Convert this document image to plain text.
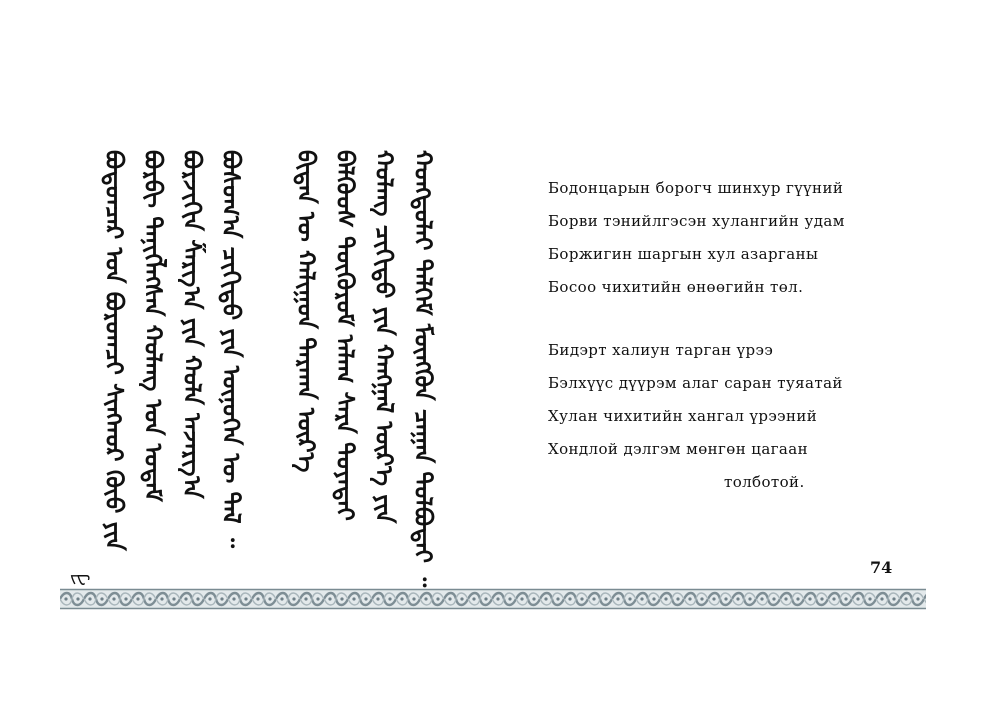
ᠪᠣᠳᠣᠨᠴᠠᠷ ᠤᠨ ᠪᠣᠷᠣᠭᠴᠢ ᠰᠢᠩᠬᠤᠷ ᠭᠦᠦ ᠶᠢᠨ ᠪᠣᠷᠪᠢ ᠲᠡᠨᠢᠭᠯᠡᠭᠰᠡᠨ ᠬᠤᠯᠠᠩ ᠤᠨ ᠤᠳᠠᠮ ᠪᠣᠷᠵᠢᠭᠢᠨ ᠱᠠᠷᠭ᠎ᠠ ᠶᠢᠨ ᠬᠤᠯᠠ ᠠᠵᠠᠷᠭ᠎ᠠ ᠪᠣᠰᠣᠭ᠎ᠠ ᠴᠢᠬᠢᠲᠤ ᠶᠢᠨ ᠥᠨᠥᠭᠡᠨ ᠦ ᠲᠡᠯ ᠃ ᠪᠢᠳᠡᠨ ᠦ ᠬᠠᠯᠢᠭᠤᠨ ᠲᠠᠷᠬᠠᠨ ᠦᠷ᠎ᠡ ᠪᠡᠯᠬᠦᠦᠰ ᠳᠦᠭᠦᠷᠦᠮ ᠠᠯᠠᠭ ᠰᠠᠷᠠ ᠲᠤᠶᠠᠲᠠᠢ ᠬᠤᠯᠠᠩ ᠴᠢᠬᠢᠲᠤ ᠶᠢᠨ ᠬᠠᠩᠭᠠᠯ ᠦᠷ᠎ᠡ ᠶᠢᠨ ᠬᠣᠩᠳᠣᠯᠠᠢ ᠳᠡᠯᠭᠡᠮ ᠮᠥᠩᠭᠥᠨ ᠴᠠᠭᠠᠨ ᠲᠣᠯᠪᠣᠲᠠᠢ ᠃
ᠵᠧ
Бодонцарын борогч шинхур гүүний
Борви тэнийлгэсэн хулангийн удам
Боржигин шаргын хул азарганы
Босоо чихитийн өнөөгийн төл.
Бидэрт халиун тарган үрээ
Бэлхүүс дүүрэм алаг саран туяатай
Хулан чихитийн хангал үрээний
Хондлой дэлгэм мөнгөн цагаан
толботой.
74
